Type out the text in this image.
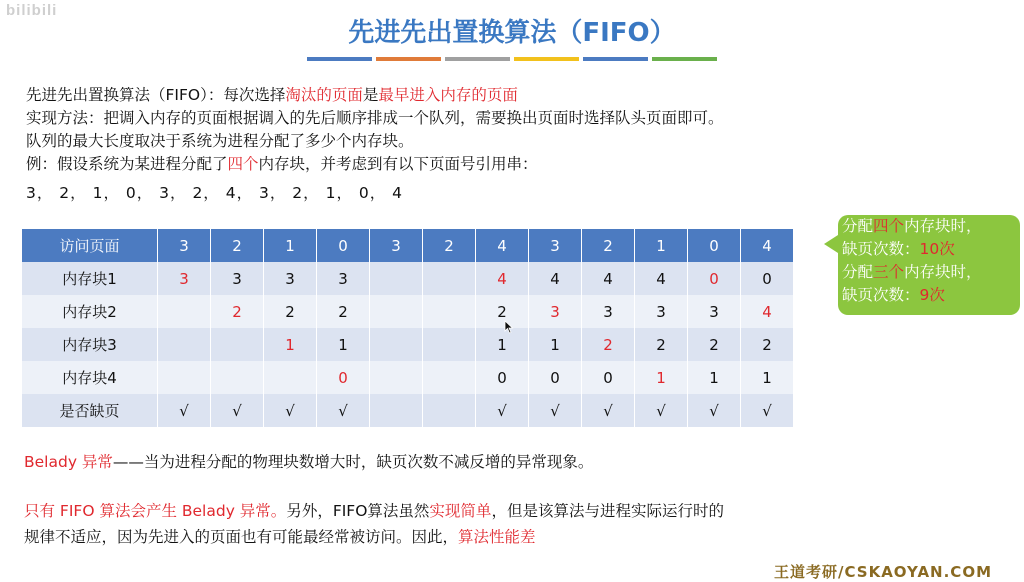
bilibili
先进先出置换算法（FIFO）

先进先出置换算法（FIFO）：每次选择淘汰的页面是最早进入内存的页面

实现方法：把调入内存的页面根据调入的先后顺序排成一个队列，需要换出页面时选择队头页面即可。

队列的最大长度取决于系统为进程分配了多少个内存块。

例：假设系统为某进程分配了四个内存块，并考虑到有以下页面号引用串：

3， 2， 1， 0， 3， 2， 4， 3， 2， 1， 0， 4

访问页面	3	2	1	0	3	2	4	3	2	1	0	4
内存块1	3	3	3	3			4	4	4	4	0	0
内存块2		2	2	2			2	3	3	3	3	4
内存块3			1	1			1	1	2	2	2	2
内存块4				0			0	0	0	1	1	1
是否缺页	√	√	√	√			√	√	√	√	√	√

分配四个内存块时，

缺页次数：10次

分配三个内存块时，

缺页次数：9次

Belady 异常——当为进程分配的物理块数增大时，缺页次数不减反增的异常现象。

只有 FIFO 算法会产生 Belady 异常。另外，FIFO算法虽然实现简单，但是该算法与进程实际运行时的

规律不适应，因为先进入的页面也有可能最经常被访问。因此，算法性能差

王道考研/CSKAOYAN.COM
